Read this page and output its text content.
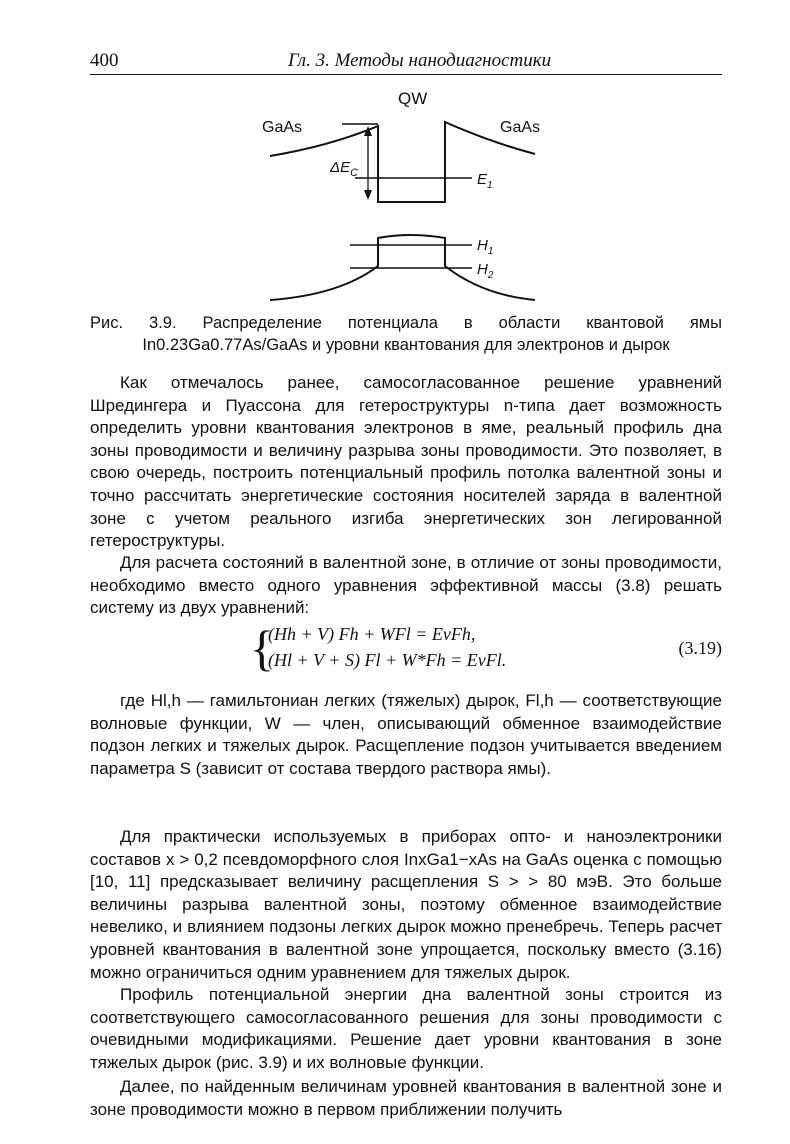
400	Гл. 3. Методы нанодиагностики
QW
GaAs	GaAs
$\Delta E_C$	$E_1$
$H_1$
$H_2$
Рис. 3.9. Распределение потенциала в области квантовой ямы
In0.23Ga0.77As/GaAs и уровни квантования для электронов и дырок

Как отмечалось ранее, самосогласованное решение уравнений Шредингера и Пуассона для гетероструктуры n-типа дает возможность определить уровни квантования электронов в яме, реальный профиль дна зоны проводимости и величину разрыва зоны проводимости. Это позволяет, в свою очередь, построить потенциальный профиль потолка валентной зоны и точно рассчитать энергетические состояния носителей заряда в валентной зоне с учетом реального изгиба энергетических зон легированной гетероструктуры.

Для расчета состояний в валентной зоне, в отличие от зоны проводимости, необходимо вместо одного уравнения эффективной массы (3.8) решать систему из двух уравнений:

{
(Hh + V) Fh + WFl = EvFh,
(Hl + V + S) Fl + W*Fh = EvFl.
(3.19)

где Hl,h — гамильтониан легких (тяжелых) дырок, Fl,h — соответствующие волновые функции, W — член, описывающий обменное взаимодействие подзон легких и тяжелых дырок. Расщепление подзон учитывается введением параметра S (зависит от состава твердого раствора ямы).

Для практически используемых в приборах опто- и наноэлектроники составов x > 0,2 псевдоморфного слоя InxGa1−xAs на GaAs оценка с помощью [10, 11] предсказывает величину расщепления S > > 80 мэВ. Это больше величины разрыва валентной зоны, поэтому обменное взаимодействие невелико, и влиянием подзоны легких дырок можно пренебречь. Теперь расчет уровней квантования в валентной зоне упрощается, поскольку вместо (3.16) можно ограничиться одним уравнением для тяжелых дырок.

Профиль потенциальной энергии дна валентной зоны строится из соответствующего самосогласованного решения для зоны проводимости с очевидными модификациями. Решение дает уровни квантования в зоне тяжелых дырок (рис. 3.9) и их волновые функции.

Далее, по найденным величинам уровней квантования в валентной зоне и зоне проводимости можно в первом приближении получить
